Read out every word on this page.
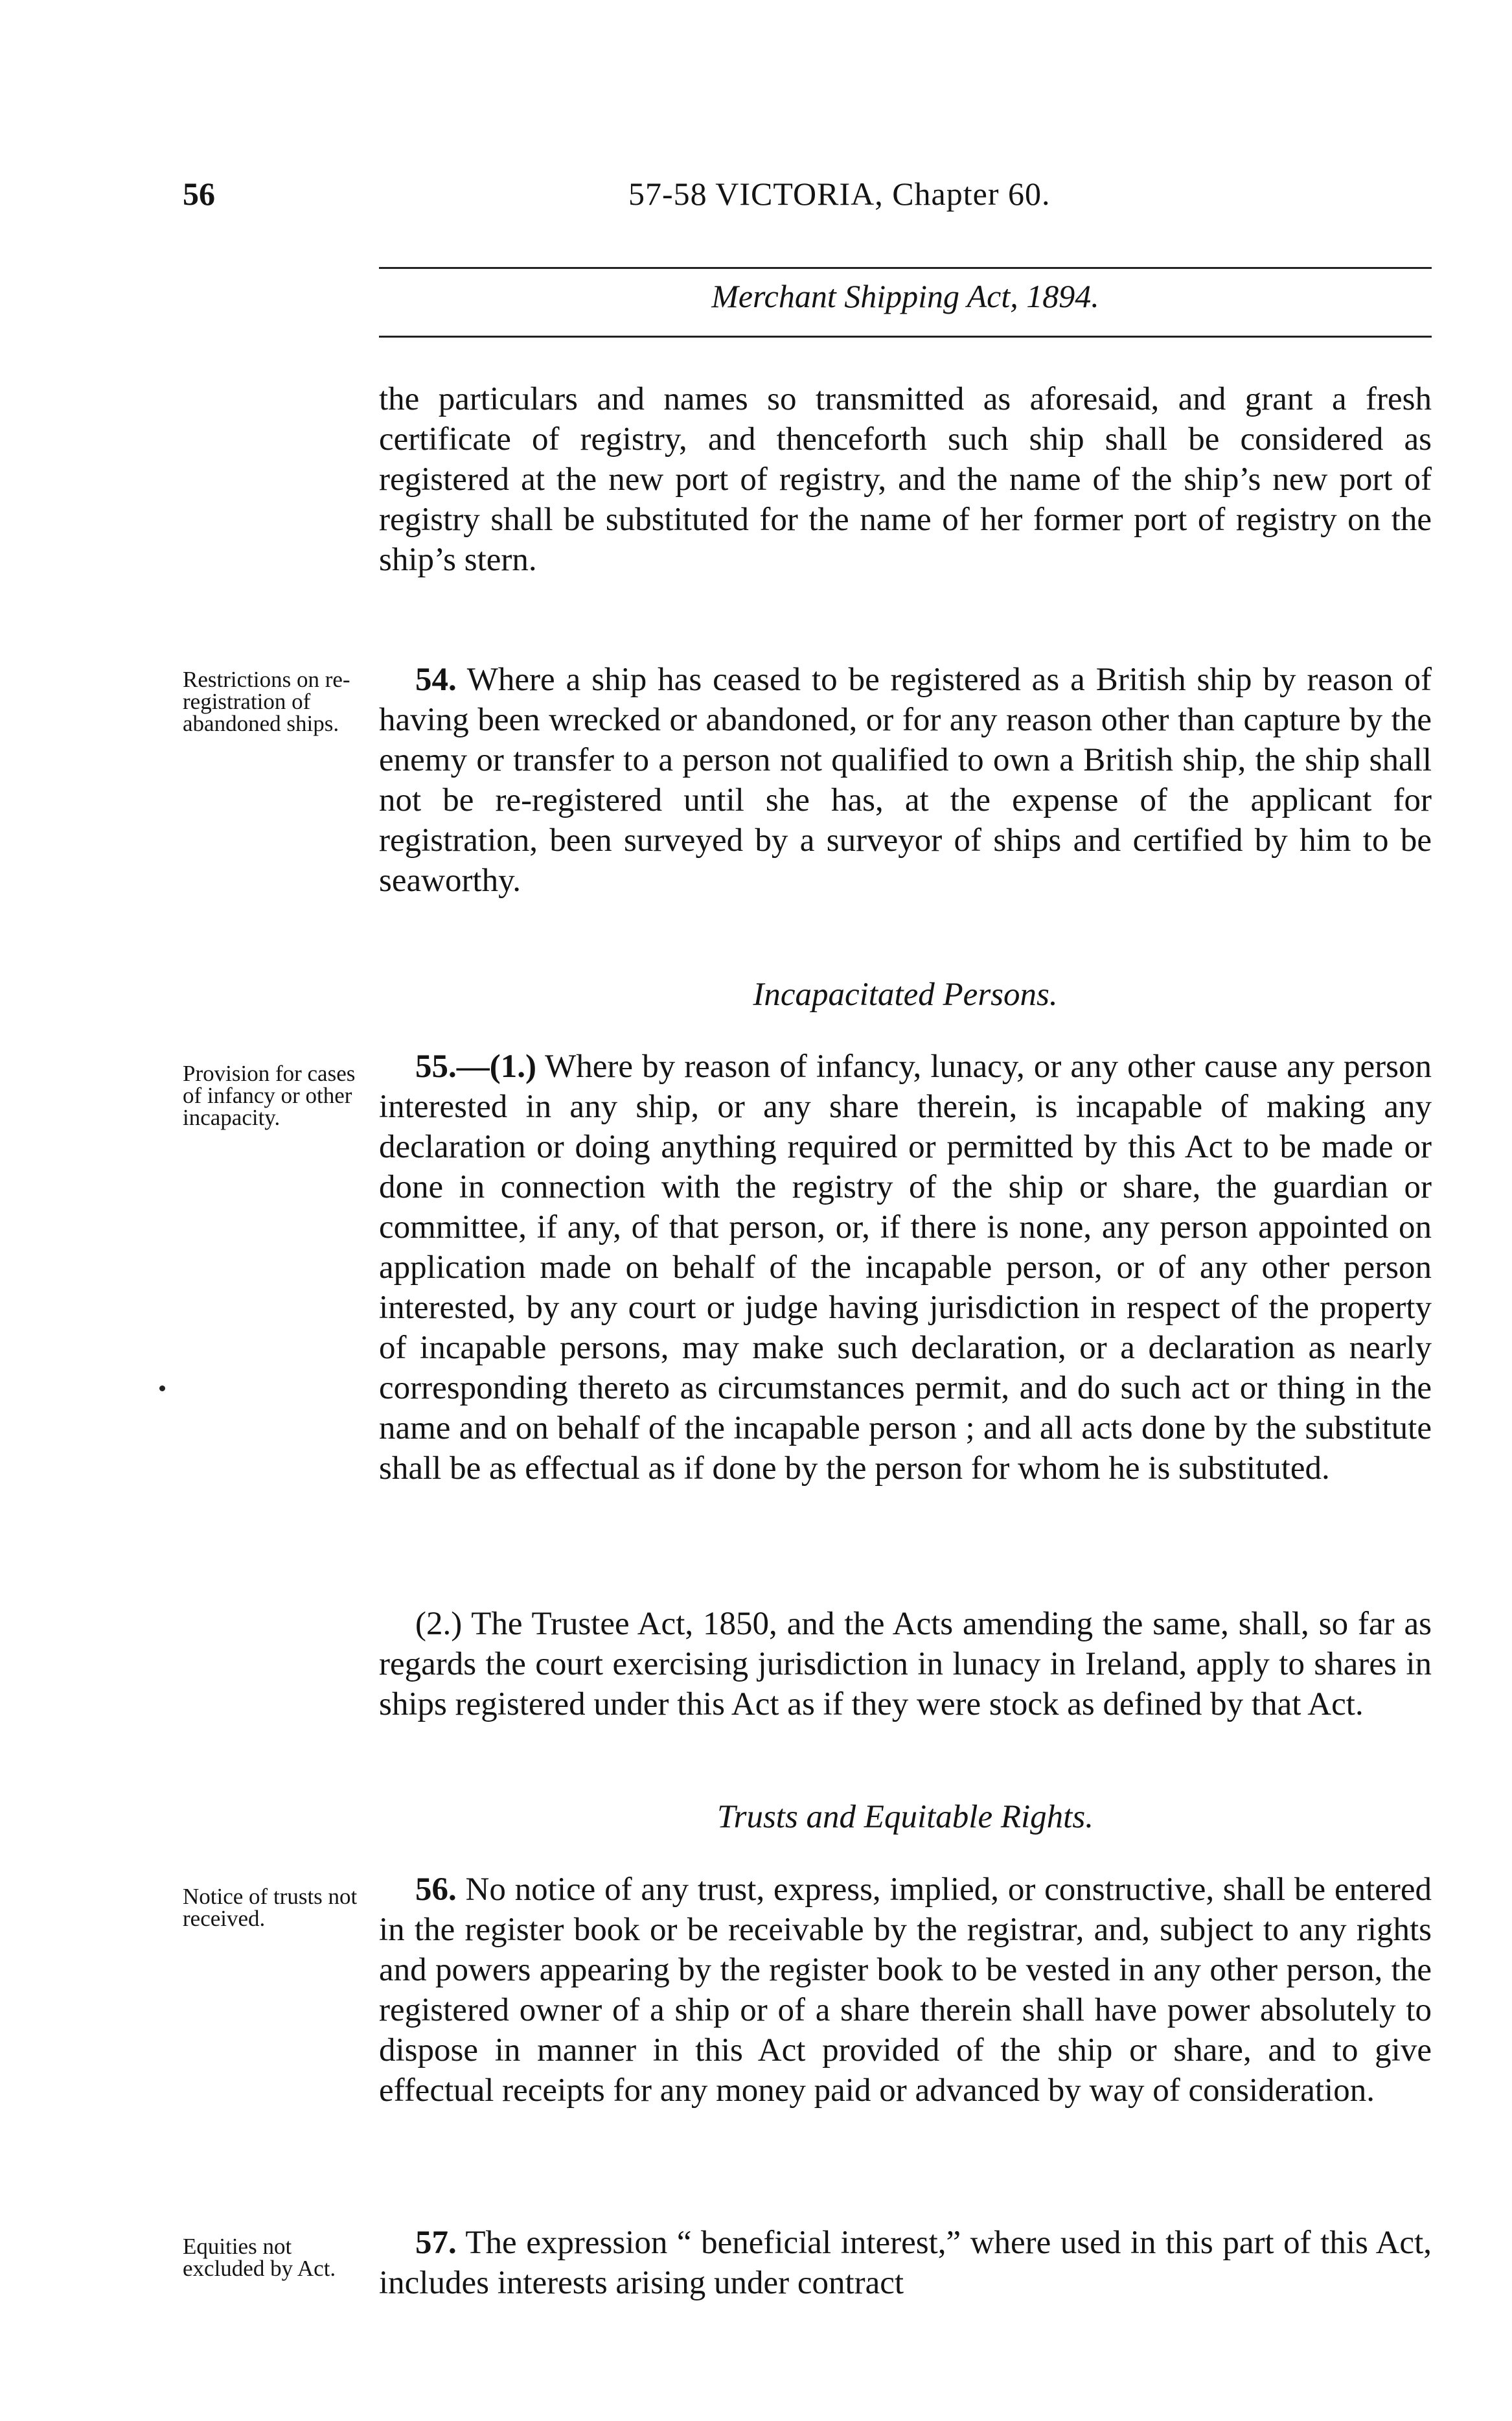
56	57-58 VICTORIA, Chapter 60.
Merchant Shipping Act, 1894.

the particulars and names so transmitted as aforesaid, and grant a fresh certificate of registry, and thenceforth such ship shall be considered as registered at the new port of registry, and the name of the ship’s new port of registry shall be substituted for the name of her former port of registry on the ship’s stern.

Restrictions on re-registration of abandoned ships.

54. Where a ship has ceased to be registered as a British ship by reason of having been wrecked or abandoned, or for any reason other than capture by the enemy or transfer to a person not qualified to own a British ship, the ship shall not be re-registered until she has, at the expense of the applicant for registration, been surveyed by a surveyor of ships and certified by him to be seaworthy.

Incapacitated Persons.

Provision for cases of infancy or other incapacity.

55.—(1.) Where by reason of infancy, lunacy, or any other cause any person interested in any ship, or any share therein, is incapable of making any declaration or doing anything required or permitted by this Act to be made or done in connection with the registry of the ship or share, the guardian or committee, if any, of that person, or, if there is none, any person appointed on application made on behalf of the incapable person, or of any other person interested, by any court or judge having jurisdiction in respect of the property of incapable persons, may make such declaration, or a declaration as nearly corresponding thereto as circumstances permit, and do such act or thing in the name and on behalf of the incapable person ; and all acts done by the substitute shall be as effectual as if done by the person for whom he is substituted.

(2.) The Trustee Act, 1850, and the Acts amending the same, shall, so far as regards the court exercising jurisdiction in lunacy in Ireland, apply to shares in ships registered under this Act as if they were stock as defined by that Act.

Trusts and Equitable Rights.

Notice of trusts not received.

56. No notice of any trust, express, implied, or constructive, shall be entered in the register book or be receivable by the registrar, and, subject to any rights and powers appearing by the register book to be vested in any other person, the registered owner of a ship or of a share therein shall have power absolutely to dispose in manner in this Act provided of the ship or share, and to give effectual receipts for any money paid or advanced by way of consideration.

Equities not excluded by Act.

57. The expression “ beneficial interest,” where used in this part of this Act, includes interests arising under contract
